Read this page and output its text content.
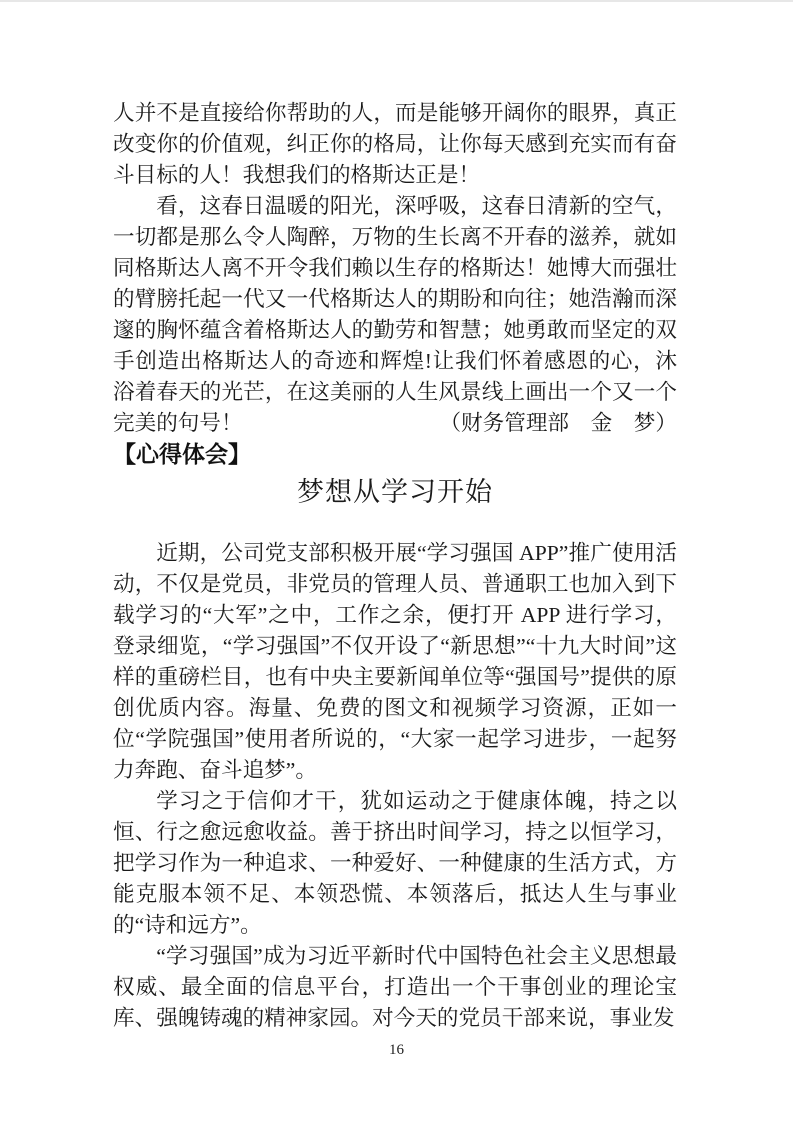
人并不是直接给你帮助的人，而是能够开阔你的眼界，真正改变你的价值观，纠正你的格局，让你每天感到充实而有奋斗目标的人！我想我们的格斯达正是！

看，这春日温暖的阳光，深呼吸，这春日清新的空气，一切都是那么令人陶醉，万物的生长离不开春的滋养，就如同格斯达人离不开令我们赖以生存的格斯达！她博大而强壮的臂膀托起一代又一代格斯达人的期盼和向往；她浩瀚而深邃的胸怀蕴含着格斯达人的勤劳和智慧；她勇敢而坚定的双手创造出格斯达人的奇迹和辉煌!让我们怀着感恩的心，沐浴着春天的光芒，在这美丽的人生风景线上画出一个又一个完美的句号！	（财务管理部　金　梦）

【心得体会】
梦想从学习开始

近期，公司党支部积极开展“学习强国 APP”推广使用活动，不仅是党员，非党员的管理人员、普通职工也加入到下载学习的“大军”之中，工作之余，便打开 APP 进行学习，登录细览，“学习强国”不仅开设了“新思想”“十九大时间”这样的重磅栏目，也有中央主要新闻单位等“强国号”提供的原创优质内容。海量、免费的图文和视频学习资源，正如一位“学院强国”使用者所说的，“大家一起学习进步，一起努力奔跑、奋斗追梦”。

学习之于信仰才干，犹如运动之于健康体魄，持之以恒、行之愈远愈收益。善于挤出时间学习，持之以恒学习，把学习作为一种追求、一种爱好、一种健康的生活方式，方能克服本领不足、本领恐慌、本领落后，抵达人生与事业的“诗和远方”。

“学习强国”成为习近平新时代中国特色社会主义思想最权威、最全面的信息平台，打造出一个干事创业的理论宝库、强魄铸魂的精神家园。对今天的党员干部来说，事业发

16
